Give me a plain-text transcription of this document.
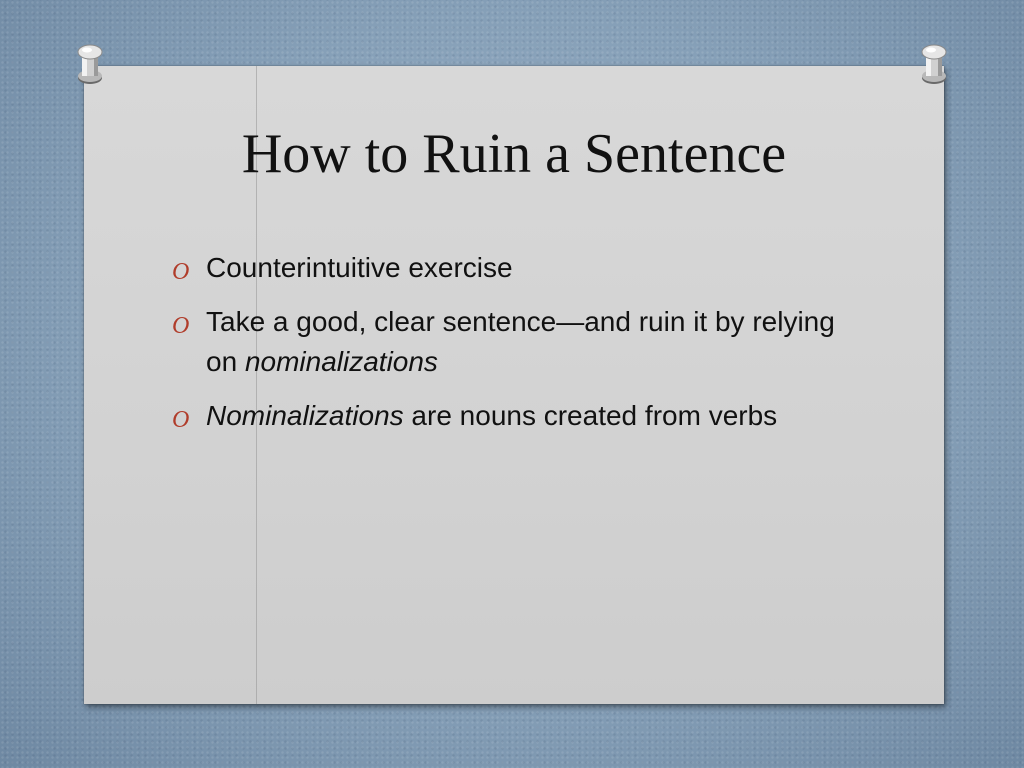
How to Ruin a Sentence
O Counterintuitive exercise
O Take a good, clear sentence—and ruin it by relying on nominalizations
O Nominalizations are nouns created from verbs
